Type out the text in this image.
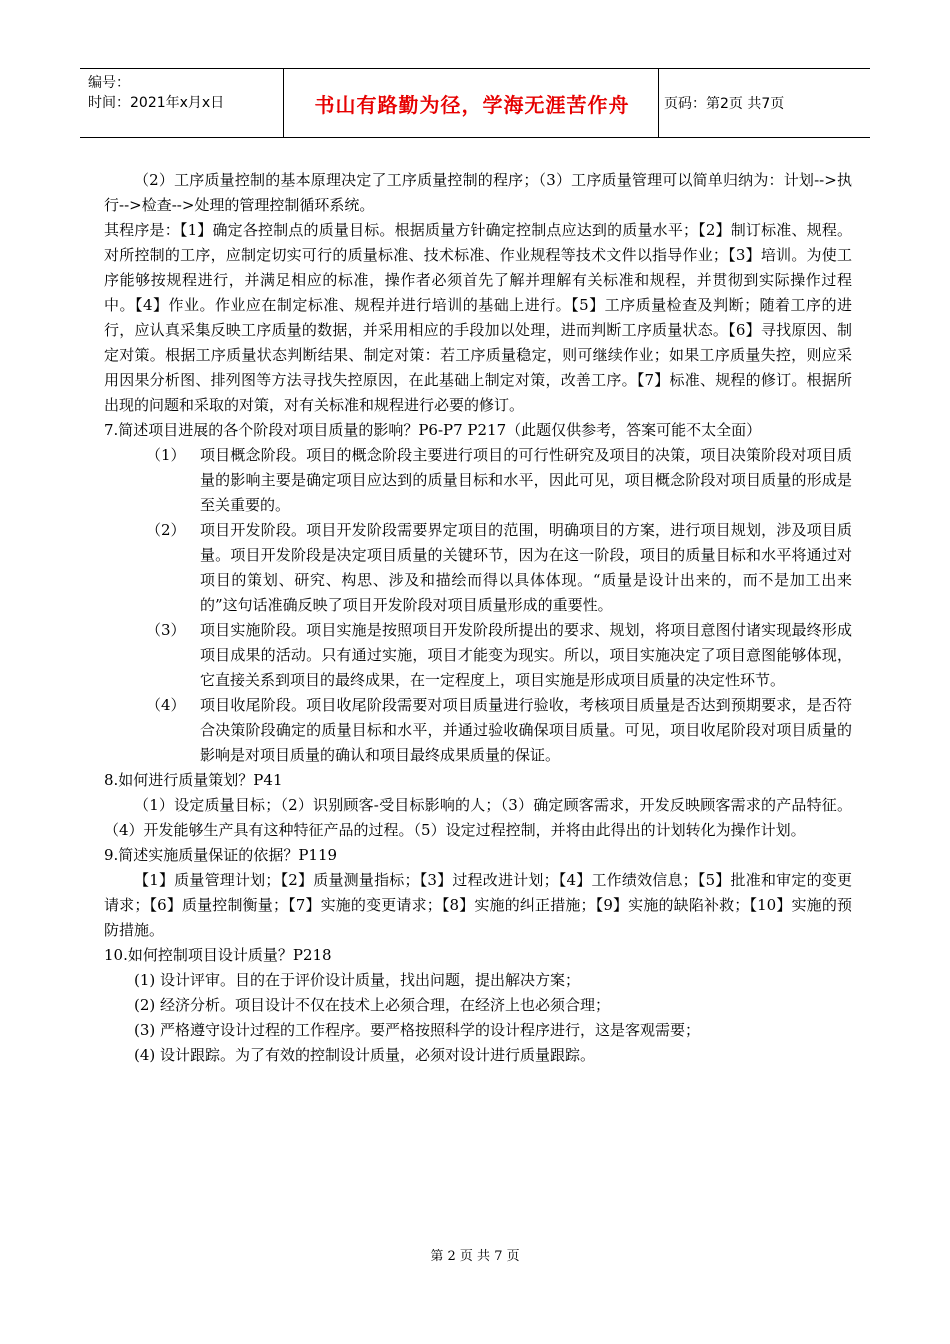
编号：
时间：2021年x月x日	书山有路勤为径，学海无涯苦作舟	页码：第2页 共7页

（2）工序质量控制的基本原理决定了工序质量控制的程序；（3）工序质量管理可以简单归纳为：计划-->执行-->检查-->处理的管理控制循环系统。

其程序是：【1】确定各控制点的质量目标。根据质量方针确定控制点应达到的质量水平；【2】制订标准、规程。对所控制的工序，应制定切实可行的质量标准、技术标准、作业规程等技术文件以指导作业；【3】培训。为使工序能够按规程进行，并满足相应的标准，操作者必须首先了解并理解有关标准和规程，并贯彻到实际操作过程中。【4】作业。作业应在制定标准、规程并进行培训的基础上进行。【5】工序质量检查及判断；随着工序的进行，应认真采集反映工序质量的数据，并采用相应的手段加以处理，进而判断工序质量状态。【6】寻找原因、制定对策。根据工序质量状态判断结果、制定对策：若工序质量稳定，则可继续作业；如果工序质量失控，则应采用因果分析图、排列图等方法寻找失控原因，在此基础上制定对策，改善工序。【7】标准、规程的修订。根据所出现的问题和采取的对策，对有关标准和规程进行必要的修订。

7.简述项目进展的各个阶段对项目质量的影响？P6-P7 P217（此题仅供参考，答案可能不太全面）

（1） 项目概念阶段。项目的概念阶段主要进行项目的可行性研究及项目的决策，项目决策阶段对项目质量的影响主要是确定项目应达到的质量目标和水平，因此可见，项目概念阶段对项目质量的形成是至关重要的。
（2） 项目开发阶段。项目开发阶段需要界定项目的范围，明确项目的方案，进行项目规划，涉及项目质量。项目开发阶段是决定项目质量的关键环节，因为在这一阶段，项目的质量目标和水平将通过对项目的策划、研究、构思、涉及和描绘而得以具体体现。“质量是设计出来的，而不是加工出来的”这句话准确反映了项目开发阶段对项目质量形成的重要性。
（3） 项目实施阶段。项目实施是按照项目开发阶段所提出的要求、规划，将项目意图付诸实现最终形成项目成果的活动。只有通过实施，项目才能变为现实。所以，项目实施决定了项目意图能够体现，它直接关系到项目的最终成果，在一定程度上，项目实施是形成项目质量的决定性环节。
（4） 项目收尾阶段。项目收尾阶段需要对项目质量进行验收，考核项目质量是否达到预期要求，是否符合决策阶段确定的质量目标和水平，并通过验收确保项目质量。可见，项目收尾阶段对项目质量的影响是对项目质量的确认和项目最终成果质量的保证。

8.如何进行质量策划？P41

（1）设定质量目标；（2）识别顾客-受目标影响的人；（3）确定顾客需求，开发反映顾客需求的产品特征。（4）开发能够生产具有这种特征产品的过程。（5）设定过程控制，并将由此得出的计划转化为操作计划。

9.简述实施质量保证的依据？P119

【1】质量管理计划；【2】质量测量指标；【3】过程改进计划；【4】工作绩效信息；【5】批准和审定的变更请求；【6】质量控制衡量；【7】实施的变更请求；【8】实施的纠正措施；【9】实施的缺陷补救；【10】实施的预防措施。

10.如何控制项目设计质量？P218

(1) 设计评审。目的在于评价设计质量，找出问题，提出解决方案；

(2) 经济分析。项目设计不仅在技术上必须合理，在经济上也必须合理；

(3) 严格遵守设计过程的工作程序。要严格按照科学的设计程序进行，这是客观需要；

(4) 设计跟踪。为了有效的控制设计质量，必须对设计进行质量跟踪。

第 2 页 共 7 页
